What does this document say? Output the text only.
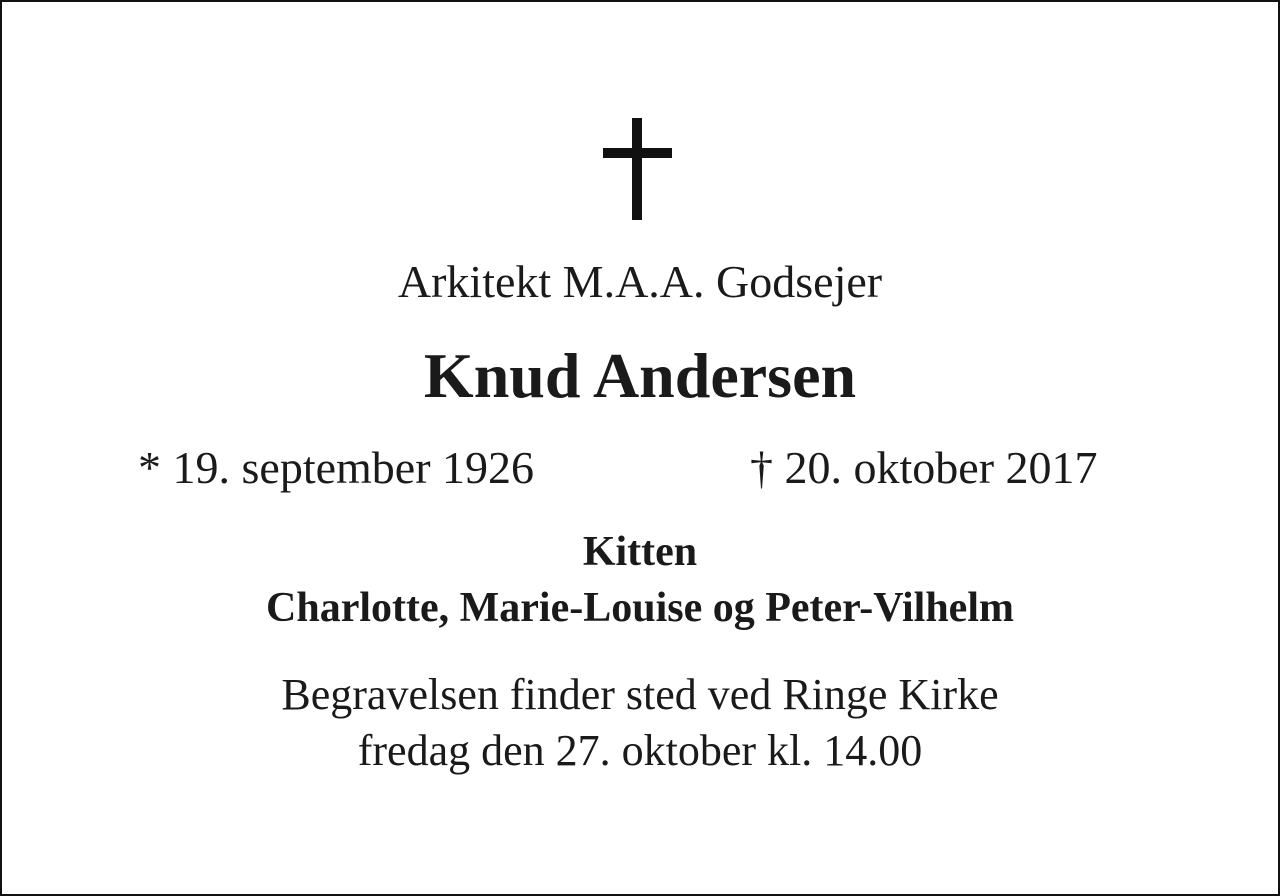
Arkitekt M.A.A. Godsejer
Knud Andersen
* 19. september 1926	† 20. oktober 2017
Kitten
Charlotte, Marie-Louise og Peter-Vilhelm
Begravelsen finder sted ved Ringe Kirke
fredag den 27. oktober kl. 14.00
